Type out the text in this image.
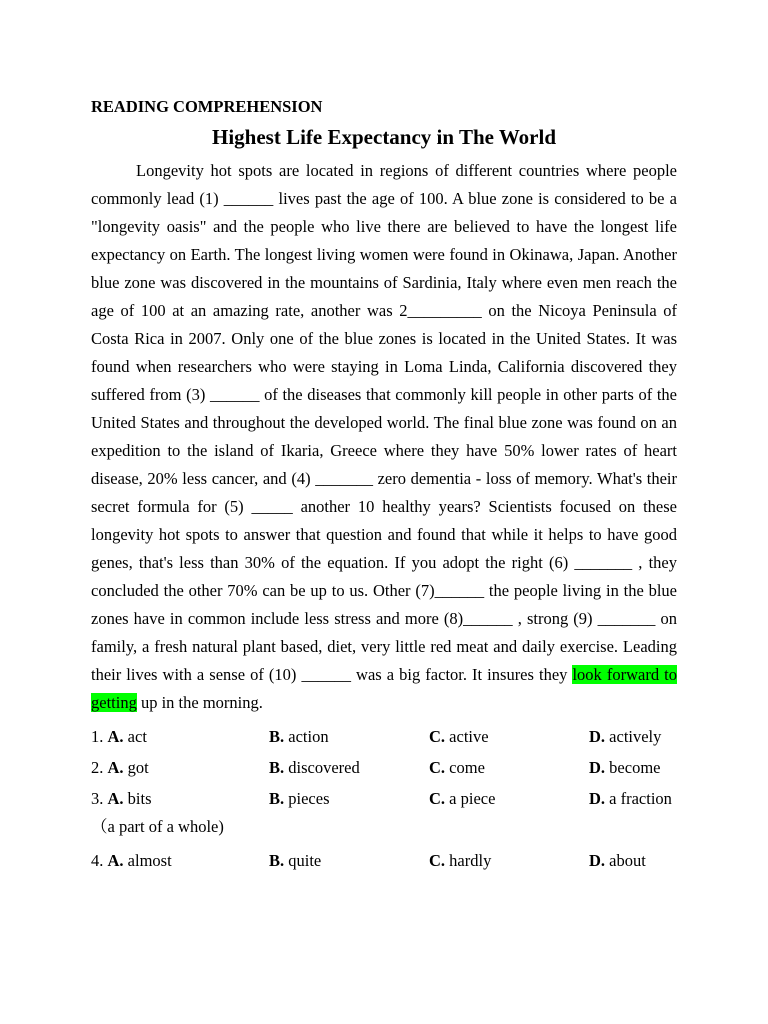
READING COMPREHENSION

Highest Life Expectancy in The World

Longevity hot spots are located in regions of different countries where people commonly lead (1) ______ lives past the age of 100. A blue zone is considered to be a "longevity oasis" and the people who live there are believed to have the longest life expectancy on Earth. The longest living women were found in Okinawa, Japan. Another blue zone was discovered in the mountains of Sardinia, Italy where even men reach the age of 100 at an amazing rate, another was 2_________ on the Nicoya Peninsula of Costa Rica in 2007. Only one of the blue zones is located in the United States. It was found when researchers who were staying in Loma Linda, California discovered they suffered from (3) ______ of the diseases that commonly kill people in other parts of the United States and throughout the developed world. The final blue zone was found on an expedition to the island of Ikaria, Greece where they have 50% lower rates of heart disease, 20% less cancer, and (4) _______ zero dementia - loss of memory. What's their secret formula for (5) _____ another 10 healthy years? Scientists focused on these longevity hot spots to answer that question and found that while it helps to have good genes, that's less than 30% of the equation. If you adopt the right (6) _______ , they concluded the other 70% can be up to us. Other (7)______ the people living in the blue zones have in common include less stress and more (8)______ , strong (9) _______ on family, a fresh natural plant based, diet, very little red meat and daily exercise. Leading their lives with a sense of (10) ______ was a big factor. It insures they look forward to getting up in the morning.

1. A. act	B. action	C. active	D. actively
2. A. got	B. discovered	C. come	D. become
3. A. bits	B. pieces	C. a piece	D. a fraction
（a part of a whole)
4. A. almost	B. quite	C. hardly	D. about
